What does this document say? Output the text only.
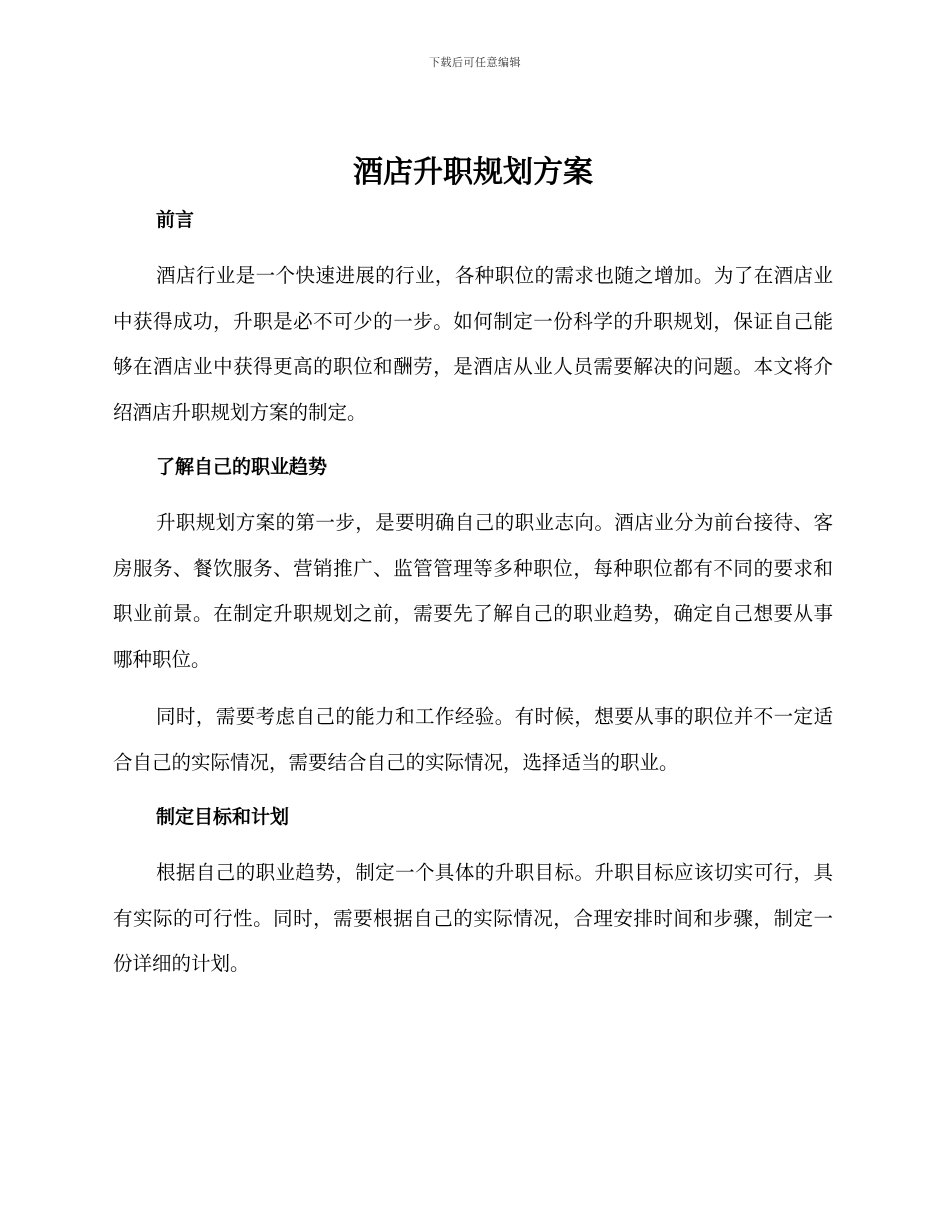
下载后可任意编辑
酒店升职规划方案
前言

酒店行业是一个快速进展的行业，各种职位的需求也随之增加。为了在酒店业中获得成功，升职是必不可少的一步。如何制定一份科学的升职规划，保证自己能够在酒店业中获得更高的职位和酬劳，是酒店从业人员需要解决的问题。本文将介绍酒店升职规划方案的制定。

了解自己的职业趋势

升职规划方案的第一步，是要明确自己的职业志向。酒店业分为前台接待、客房服务、餐饮服务、营销推广、监管管理等多种职位，每种职位都有不同的要求和职业前景。在制定升职规划之前，需要先了解自己的职业趋势，确定自己想要从事哪种职位。

同时，需要考虑自己的能力和工作经验。有时候，想要从事的职位并不一定适合自己的实际情况，需要结合自己的实际情况，选择适当的职业。

制定目标和计划

根据自己的职业趋势，制定一个具体的升职目标。升职目标应该切实可行，具有实际的可行性。同时，需要根据自己的实际情况，合理安排时间和步骤，制定一份详细的计划。
